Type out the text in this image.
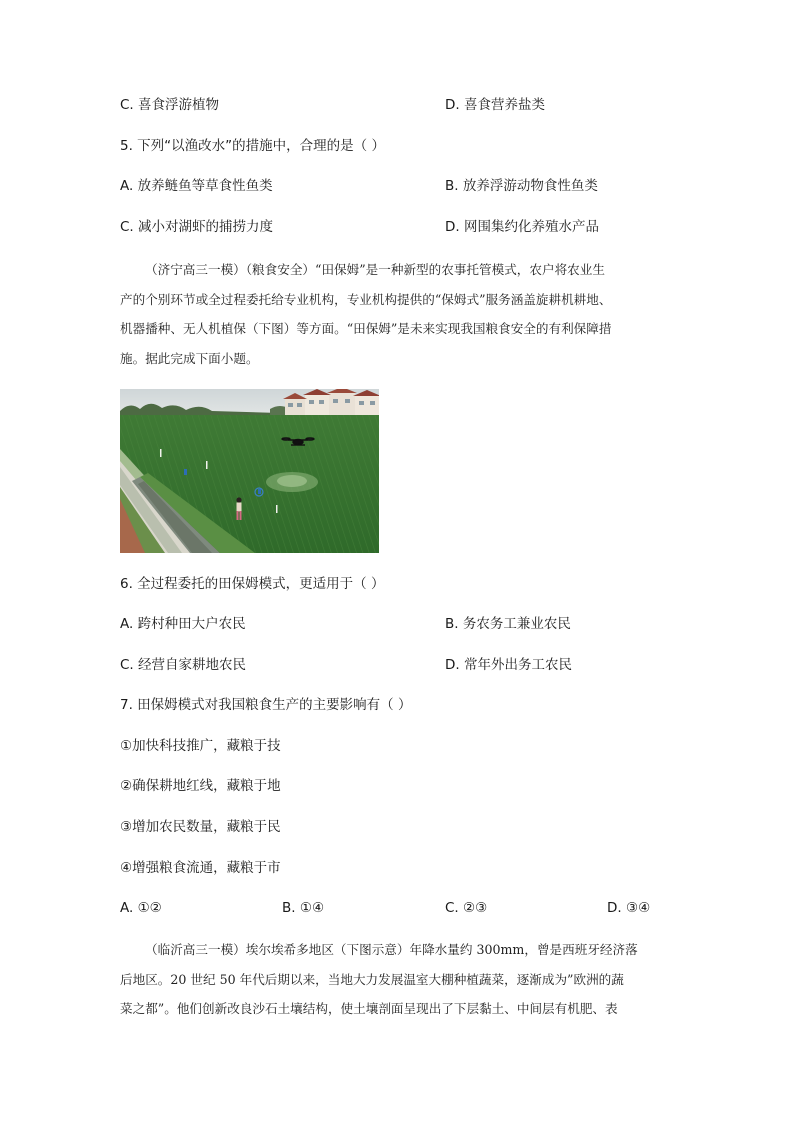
C. 喜食浮游植物	D. 喜食营养盐类
5. 下列“以渔改水”的措施中，合理的是（ ）
A. 放养鲢鱼等草食性鱼类	B. 放养浮游动物食性鱼类
C. 减小对湖虾的捕捞力度	D. 网围集约化养殖水产品
（济宁高三一模）（粮食安全）“田保姆”是一种新型的农事托管模式，农户将农业生
产的个别环节或全过程委托给专业机构，专业机构提供的“保姆式”服务涵盖旋耕机耕地、
机器播种、无人机植保（下图）等方面。“田保姆”是未来实现我国粮食安全的有利保障措
施。据此完成下面小题。
6. 全过程委托的田保姆模式，更适用于（ ）
A. 跨村种田大户农民	B. 务农务工兼业农民
C. 经营自家耕地农民	D. 常年外出务工农民
7. 田保姆模式对我国粮食生产的主要影响有（ ）
①加快科技推广，藏粮于技
②确保耕地红线，藏粮于地
③增加农民数量，藏粮于民
④增强粮食流通，藏粮于市
A. ①②	B. ①④	C. ②③	D. ③④
（临沂高三一模）埃尔埃希多地区（下图示意）年降水量约 300mm，曾是西班牙经济落
后地区。20 世纪 50 年代后期以来，当地大力发展温室大棚种植蔬菜，逐渐成为”欧洲的蔬
菜之都”。他们创新改良沙石土壤结构，使土壤剖面呈现出了下层黏土、中间层有机肥、表
